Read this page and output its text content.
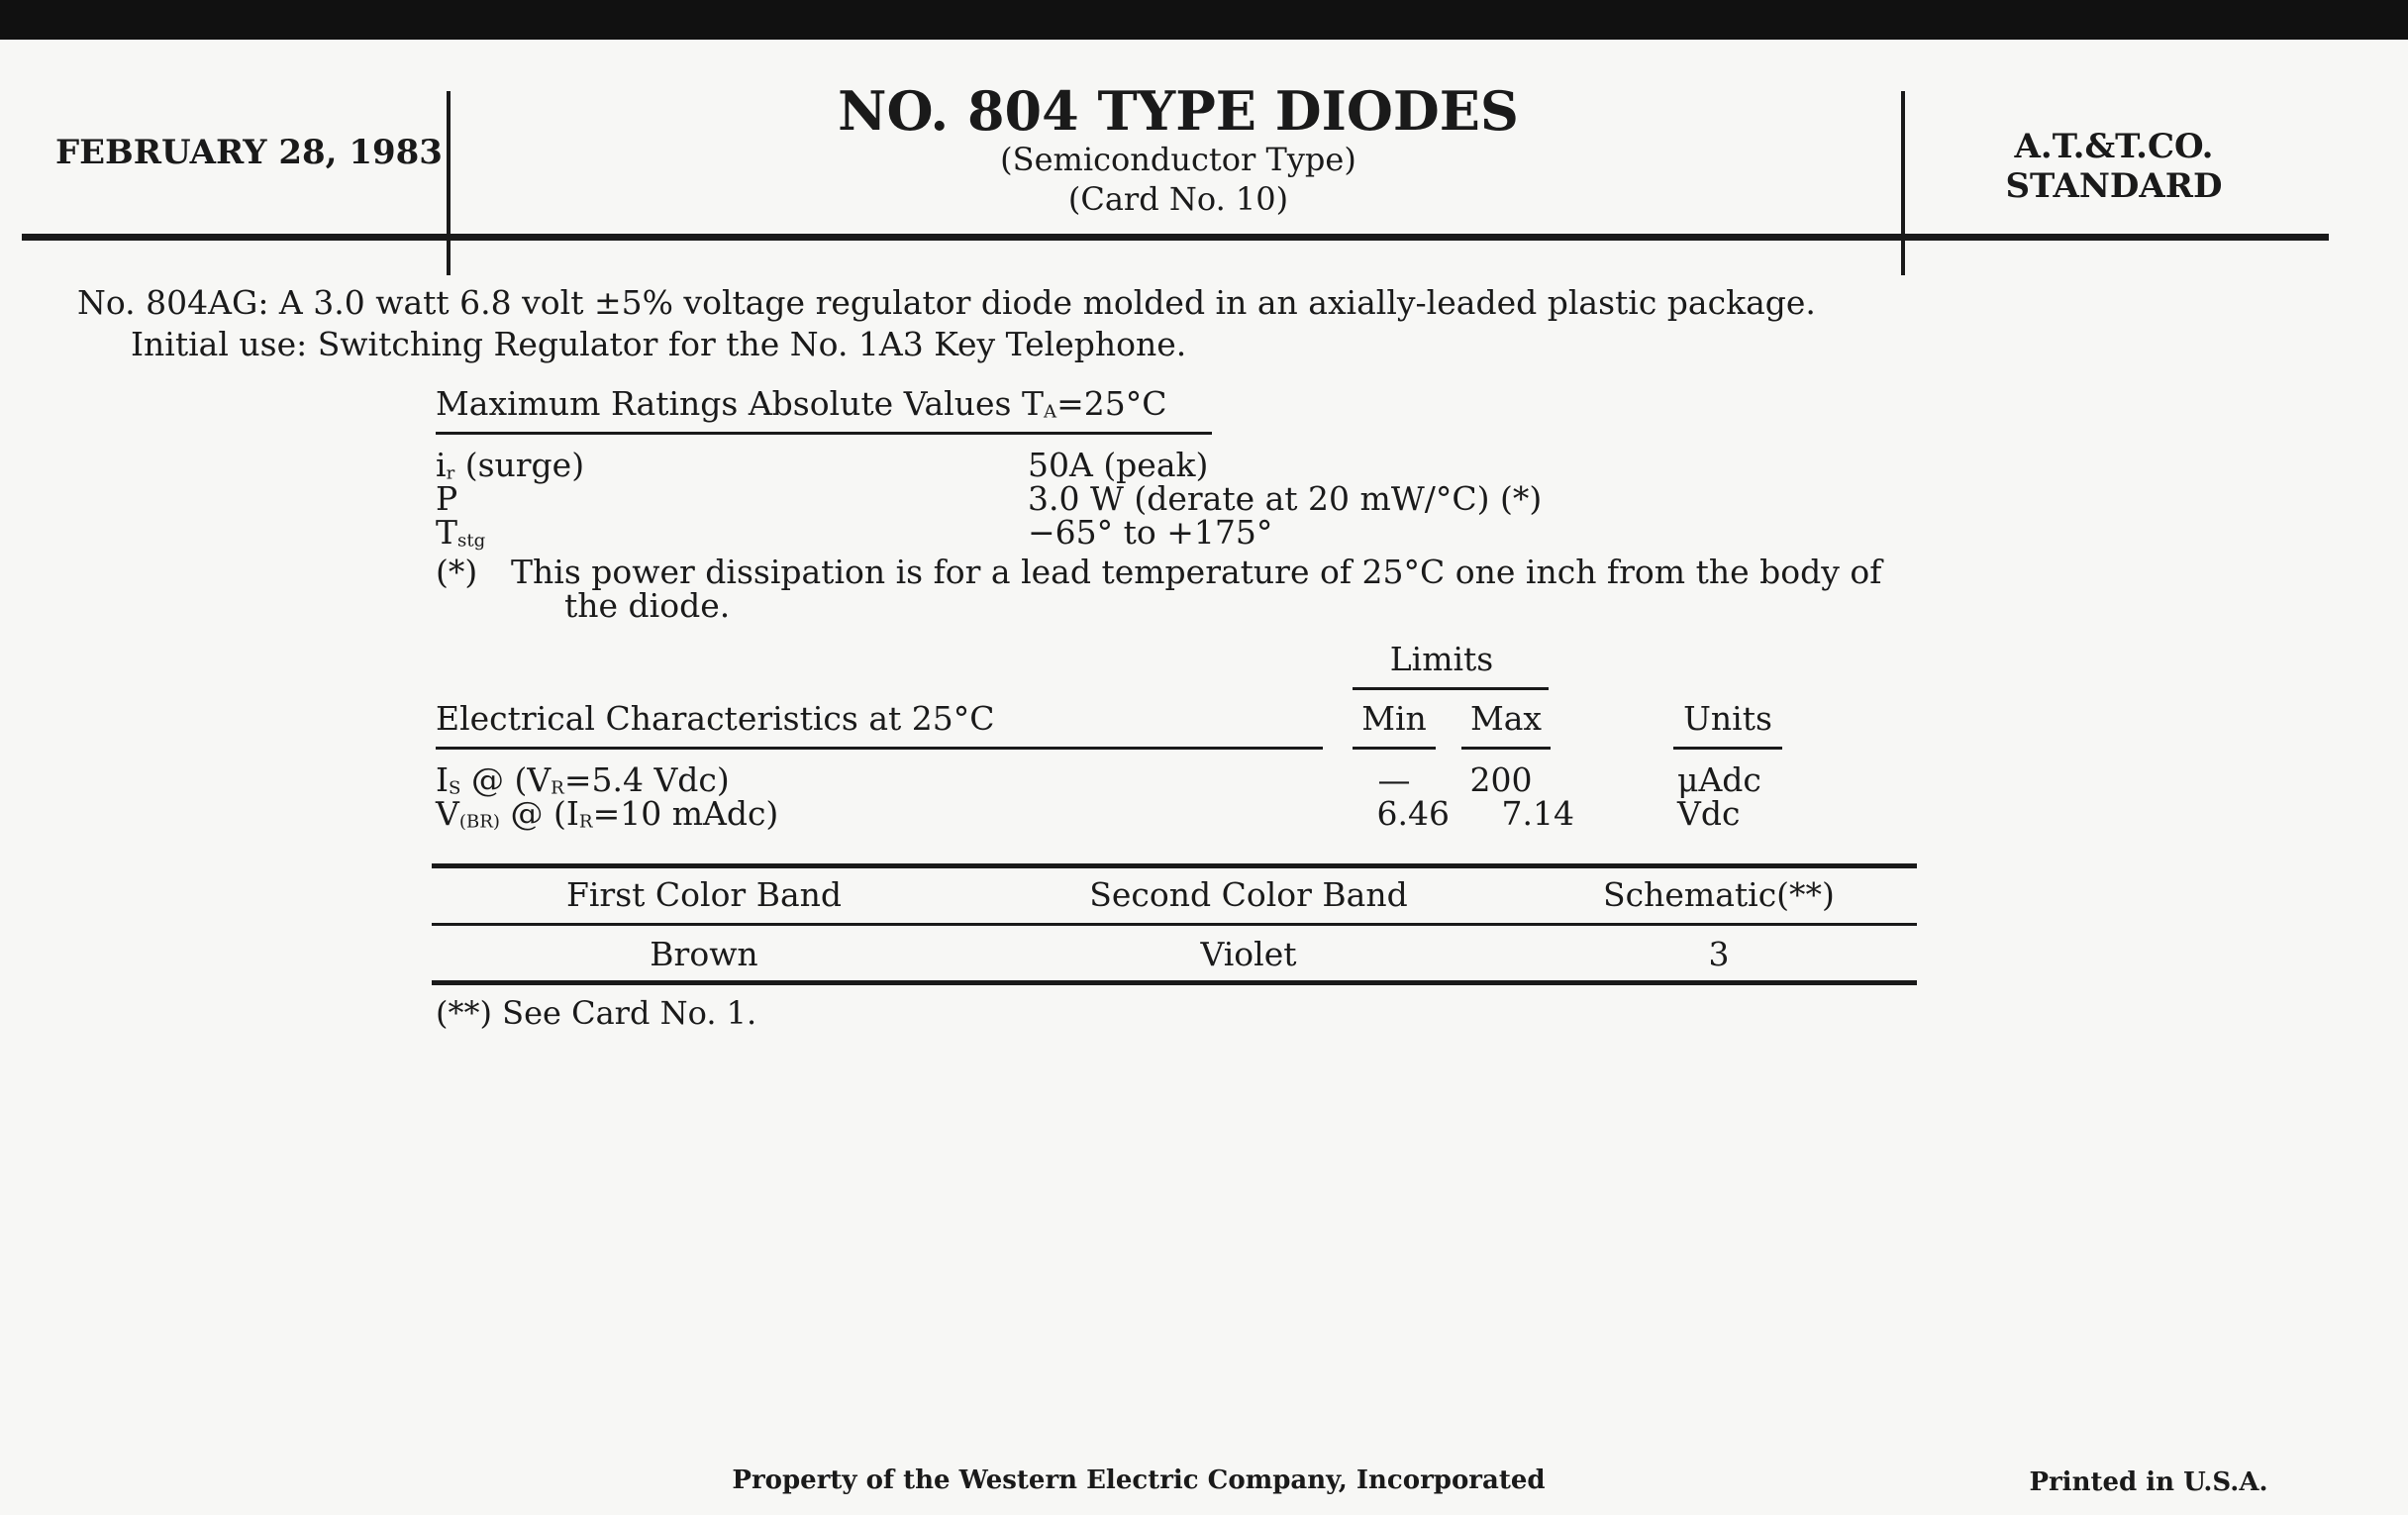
FEBRUARY 28, 1983
NO. 804 TYPE DIODES
(Semiconductor Type)
(Card No. 10)
A.T.&T.CO.
STANDARD
No. 804AG: A 3.0 watt 6.8 volt ±5% voltage regulator diode molded in an axially-leaded plastic package.
Initial use: Switching Regulator for the No. 1A3 Key Telephone.
Maximum Ratings Absolute Values $T_A=25^\circ C$
$i_r$ (surge)	50A (peak)
P	3.0 W (derate at 20 mW/°C) (*)
$T_{stg}$	−65° to +175°
(*) This power dissipation is for a lead temperature of 25°C one inch from the body of
the diode.
Limits
Electrical Characteristics at 25°C	Min Max	Units
$I_S$ @ ($V_R=5.4$ Vdc)	—	200	μAdc
$V_{(BR)}$ @ ($I_R=10$ mAdc)	6.46	7.14	Vdc
First Color Band	Second Color Band	Schematic(**)
Brown	Violet	3
(**) See Card No. 1.
Property of the Western Electric Company, Incorporated	Printed in U.S.A.
